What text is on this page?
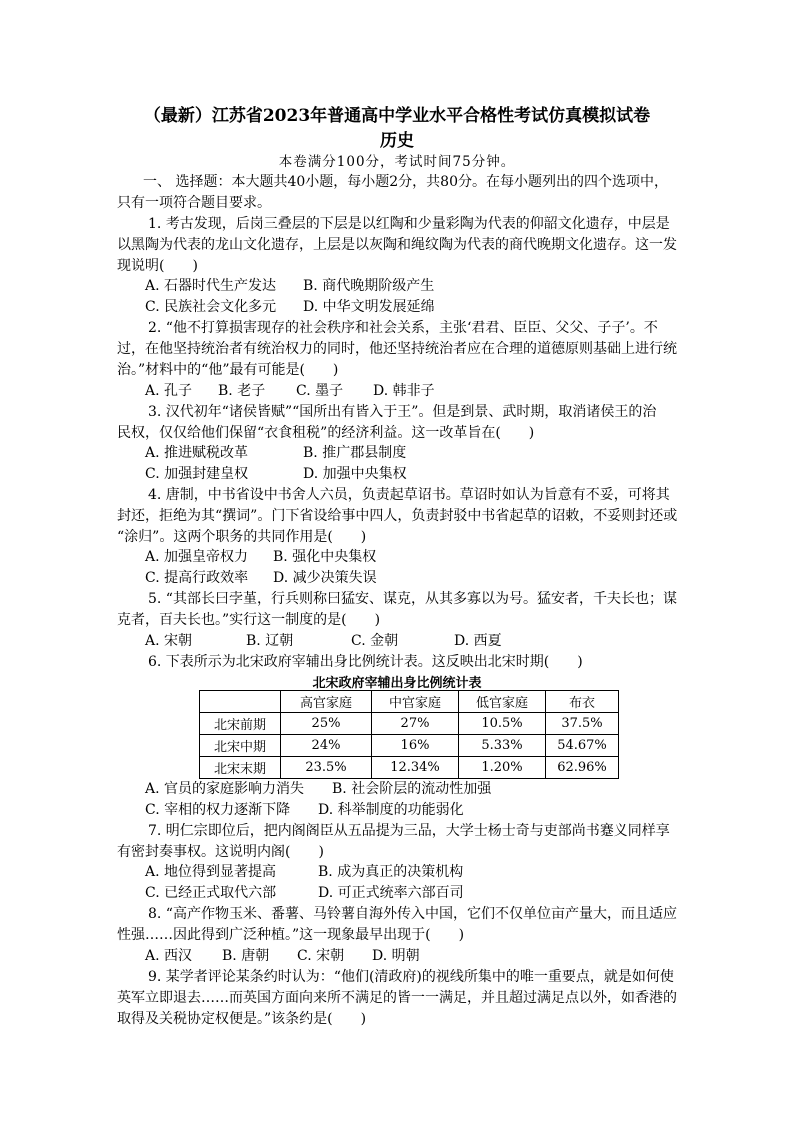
（最新）江苏省2023年普通高中学业水平合格性考试仿真模拟试卷
历史
本卷满分100分，考试时间75分钟。
一、 选择题：本大题共40小题，每小题2分，共80分。在每小题列出的四个选项中，
只有一项符合题目要求。
1. 考古发现，后岗三叠层的下层是以红陶和少量彩陶为代表的仰韶文化遗存，中层是
以黑陶为代表的龙山文化遗存，上层是以灰陶和绳纹陶为代表的商代晚期文化遗存。这一发
现说明(　　)
A. 石器时代生产发达 B. 商代晚期阶级产生
C. 民族社会文化多元 D. 中华文明发展延绵
2. “他不打算损害现存的社会秩序和社会关系，主张‘君君、臣臣、父父、子子’。不
过，在他坚持统治者有统治权力的同时，他还坚持统治者应在合理的道德原则基础上进行统
治。”材料中的“他”最有可能是(　　)
A. 孔子 B. 老子 C. 墨子 D. 韩非子
3. 汉代初年“诸侯皆赋”“国所出有皆入于王”。但是到景、武时期，取消诸侯王的治
民权，仅仅给他们保留“衣食租税”的经济利益。这一改革旨在(　　)
A. 推进赋税改革	B. 推广郡县制度
C. 加强封建皇权	D. 加强中央集权
4. 唐制，中书省设中书舍人六员，负责起草诏书。草诏时如认为旨意有不妥，可将其
封还，拒绝为其“撰词”。门下省设给事中四人，负责封驳中书省起草的诏敕，不妥则封还或
“涂归”。这两个职务的共同作用是(　　)
A. 加强皇帝权力 B. 强化中央集权
C. 提高行政效率 D. 减少决策失误
5. “其部长曰孛堇，行兵则称曰猛安、谋克，从其多寡以为号。猛安者，千夫长也；谋
克者，百夫长也。”实行这一制度的是(　　)
A. 宋朝	B. 辽朝	C. 金朝	D. 西夏
6. 下表所示为北宋政府宰辅出身比例统计表。这反映出北宋时期(　　)
北宋政府宰辅出身比例统计表
	高官家庭	中官家庭	低官家庭	布衣
北宋前期	25%	27%	10.5%	37.5%
北宋中期	24%	16%	5.33%	54.67%
北宋末期	23.5%	12.34%	1.20%	62.96%
A. 官员的家庭影响力消失 B. 社会阶层的流动性加强
C. 宰相的权力逐渐下降 D. 科举制度的功能弱化
7. 明仁宗即位后，把内阁阁臣从五品提为三品，大学士杨士奇与吏部尚书蹇义同样享
有密封奏事权。这说明内阁(　　)
A. 地位得到显著提高	B. 成为真正的决策机构
C. 已经正式取代六部	D. 可正式统率六部百司
8. “高产作物玉米、番薯、马铃薯自海外传入中国，它们不仅单位亩产量大，而且适应
性强……因此得到广泛种植。”这一现象最早出现于(　　)
A. 西汉 B. 唐朝 C. 宋朝 D. 明朝
9. 某学者评论某条约时认为：“他们(清政府)的视线所集中的唯一重要点，就是如何使
英军立即退去……而英国方面向来所不满足的皆一一满足，并且超过满足点以外，如香港的
取得及关税协定权便是。”该条约是(　　)
